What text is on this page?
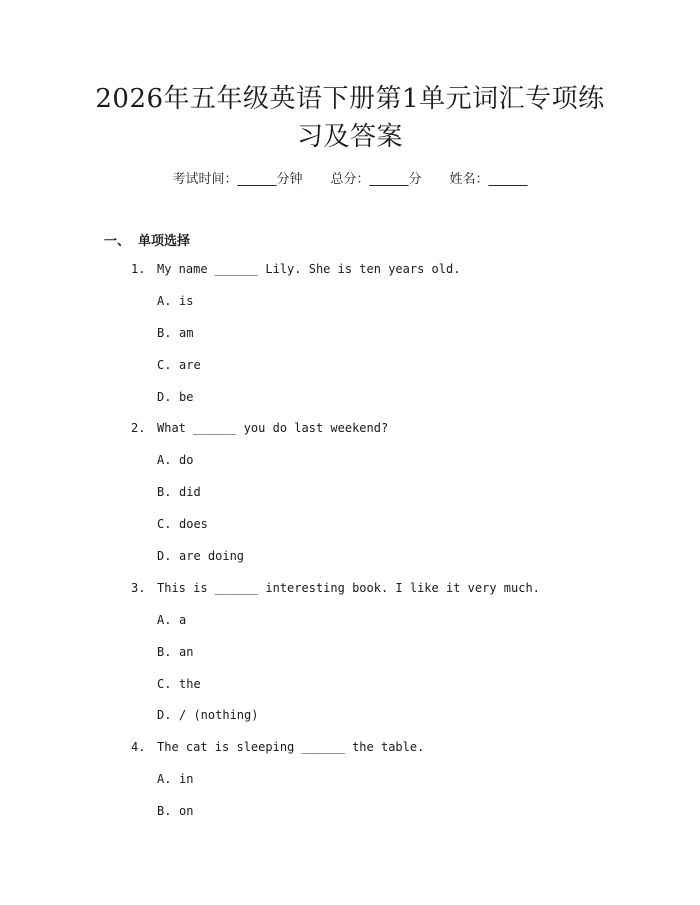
2026年五年级英语下册第1单元词汇专项练
习及答案
考试时间：______分钟 总分：______分 姓名：______
一、 单项选择
1. My name ______ Lily. She is ten years old.
A. is
B. am
C. are
D. be
2. What ______ you do last weekend?
A. do
B. did
C. does
D. are doing
3. This is ______ interesting book. I like it very much.
A. a
B. an
C. the
D. / (nothing)
4. The cat is sleeping ______ the table.
A. in
B. on
